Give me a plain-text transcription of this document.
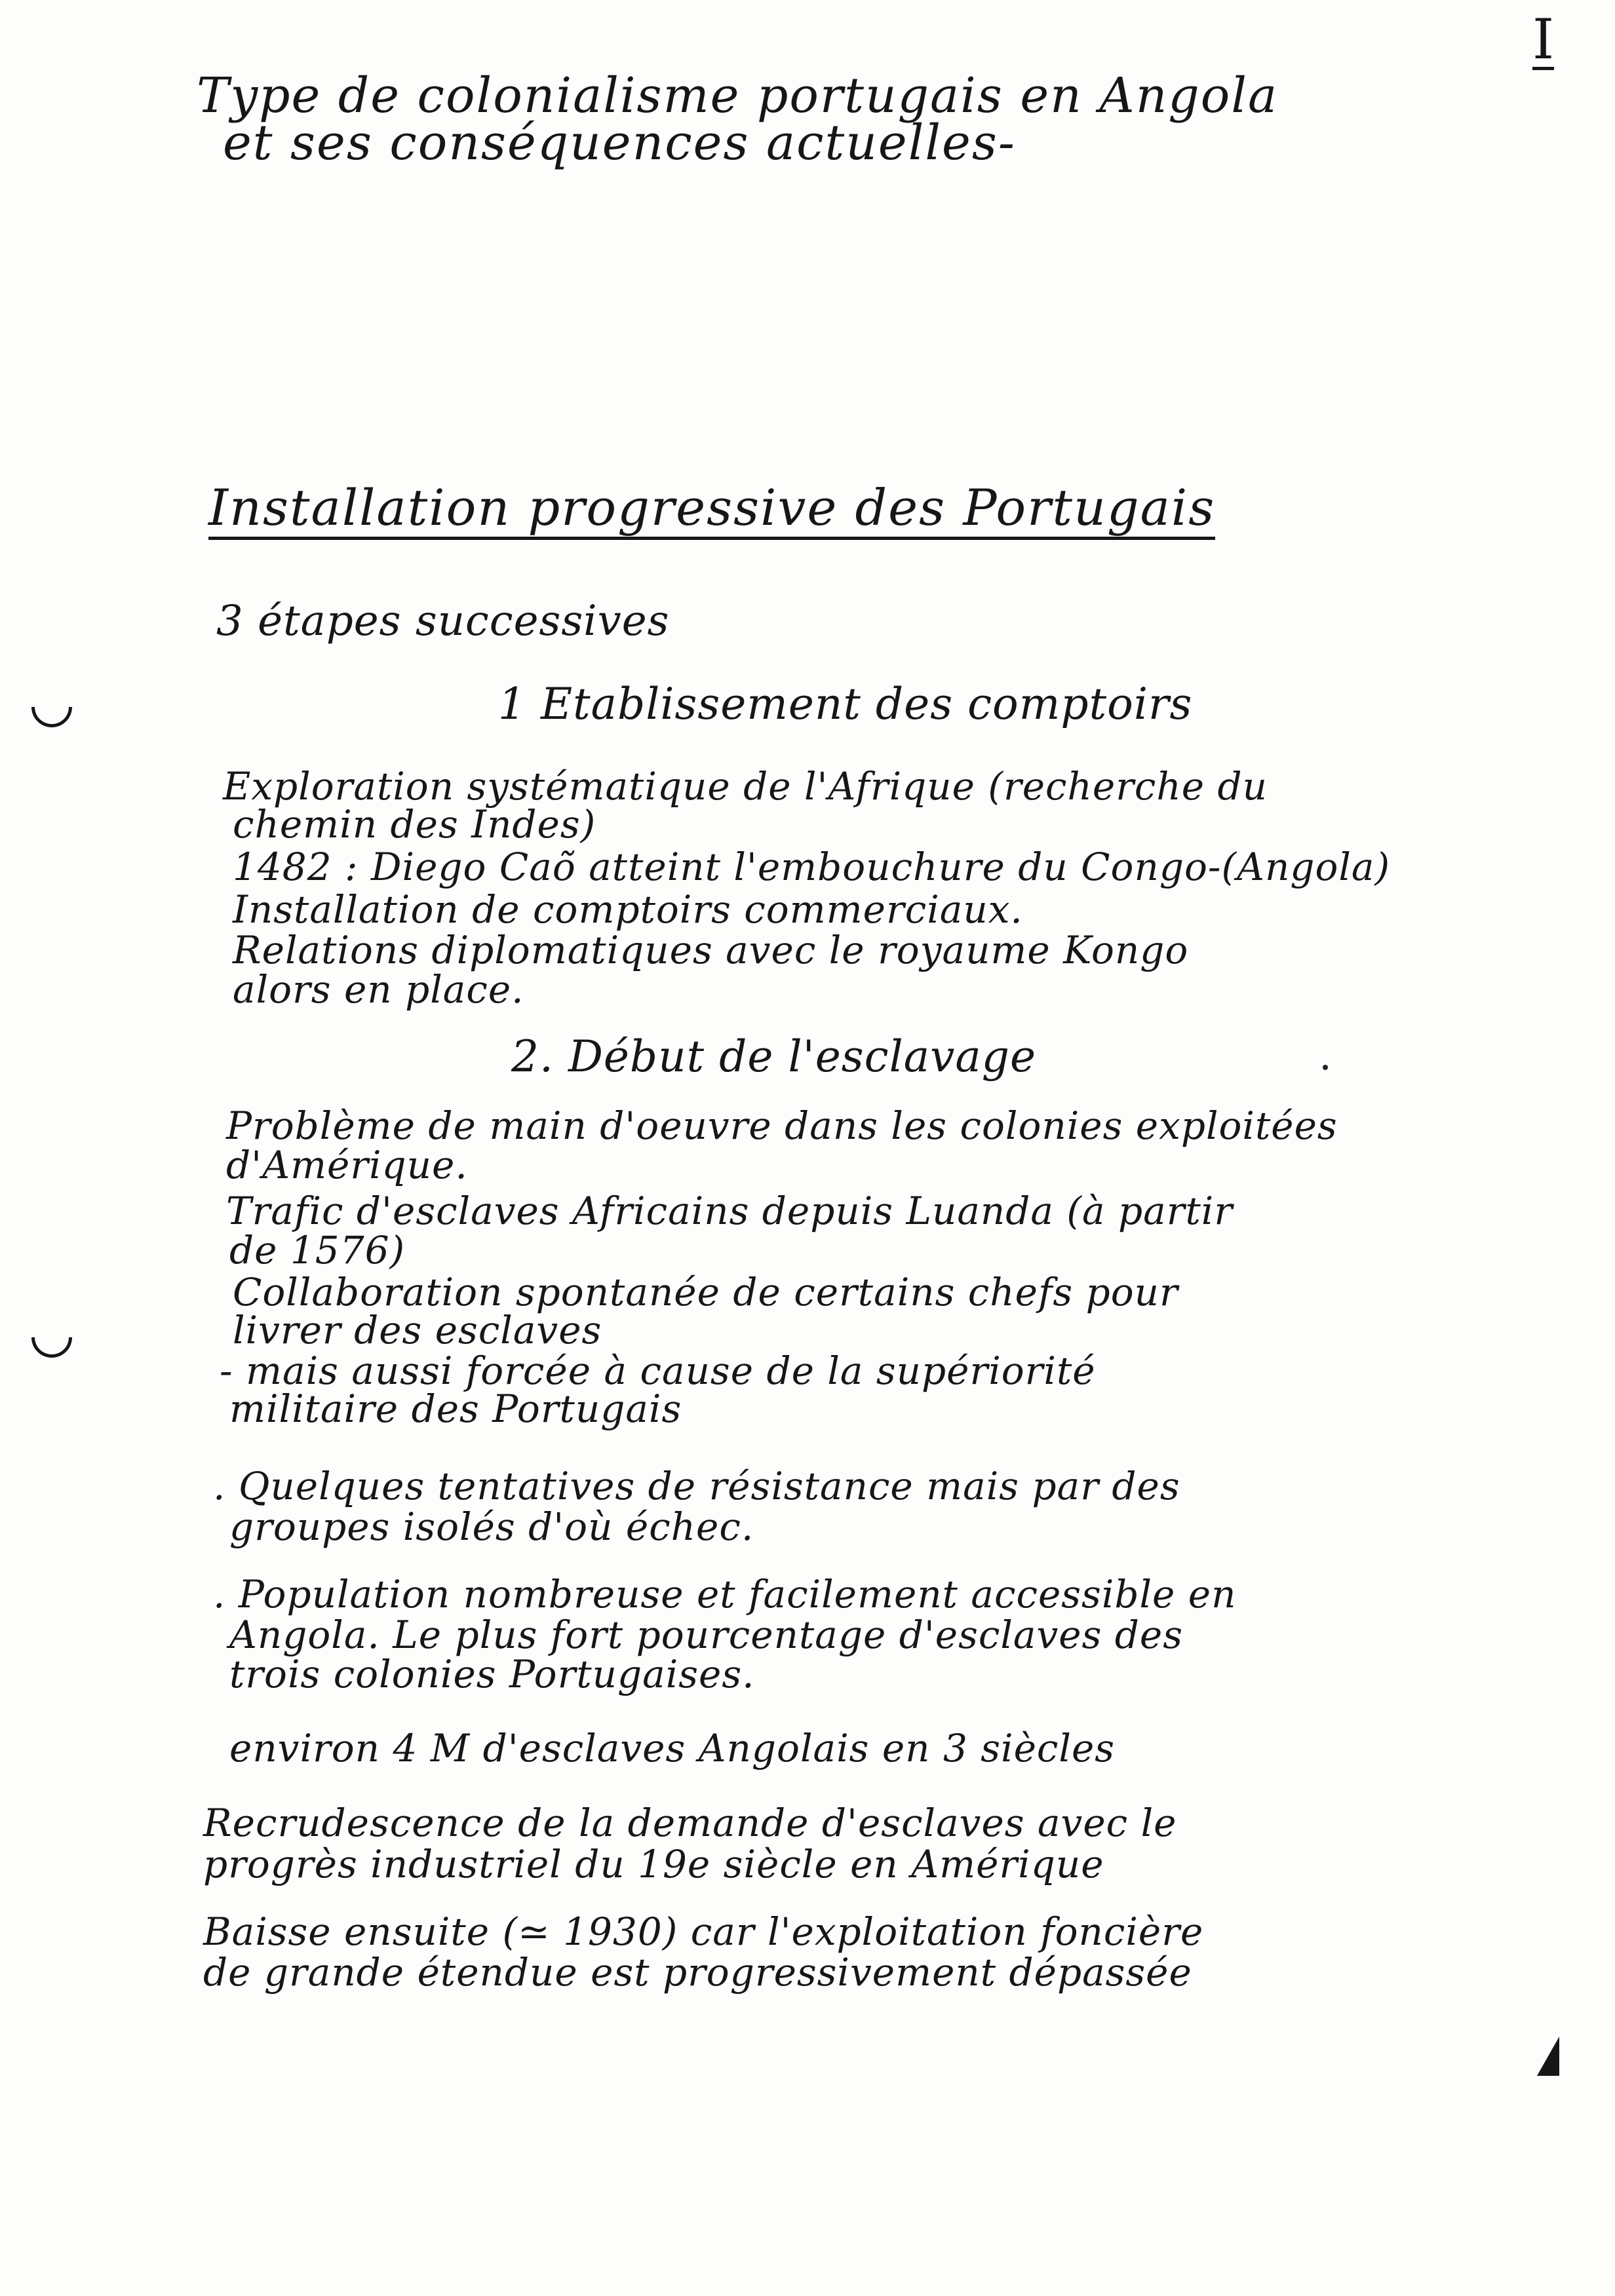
I
Type de colonialisme portugais en Angola
et ses conséquences actuelles-
Installation progressive des Portugais
3 étapes successives
1 Etablissement des comptoirs
Exploration systématique de l'Afrique (recherche du
chemin des Indes)
1482 : Diego Caõ atteint l'embouchure du Congo-(Angola)
Installation de comptoirs commerciaux.
Relations diplomatiques avec le royaume Kongo
alors en place.
2. Début de l'esclavage
Problème de main d'oeuvre dans les colonies exploitées
d'Amérique.
Trafic d'esclaves Africains depuis Luanda (à partir
de 1576)
Collaboration spontanée de certains chefs pour
livrer des esclaves
- mais aussi forcée à cause de la supériorité
militaire des Portugais
. Quelques tentatives de résistance mais par des
groupes isolés d'où échec.
. Population nombreuse et facilement accessible en
Angola. Le plus fort pourcentage d'esclaves des
trois colonies Portugaises.
environ 4 M d'esclaves Angolais en 3 siècles
Recrudescence de la demande d'esclaves avec le
progrès industriel du 19e siècle en Amérique
Baisse ensuite (≃ 1930) car l'exploitation foncière
de grande étendue est progressivement dépassée
